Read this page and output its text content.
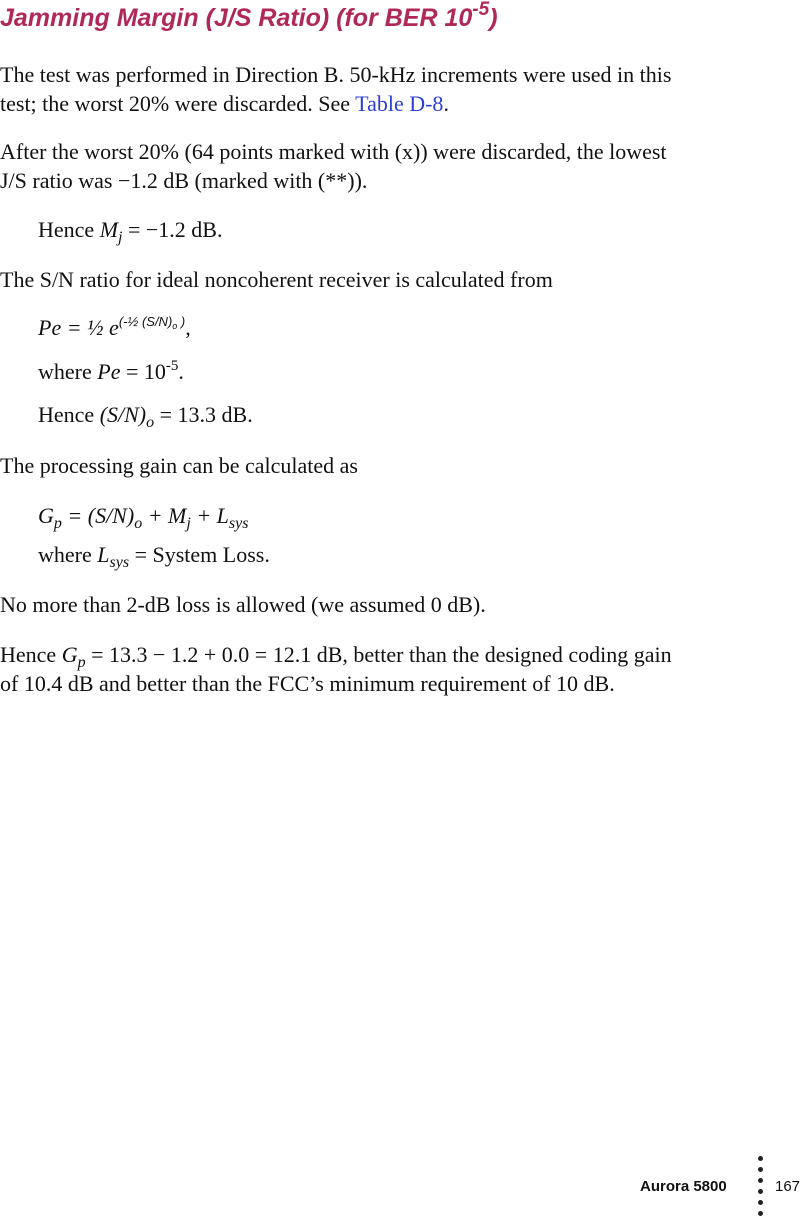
Jamming Margin (J/S Ratio) (for BER $10^{-5}$)
The test was performed in Direction B. 50-kHz increments were used in this
test; the worst 20% were discarded. See Table D-8.
After the worst 20% (64 points marked with (x)) were discarded, the lowest
J/S ratio was −1.2 dB (marked with (**)).
Hence $M_j = -1.2$ dB.
The S/N ratio for ideal noncoherent receiver is calculated from
Pe = ½ $e^{(-\frac{1}{2} (S/N)_o )}$,
where $Pe = 10^{-5}$.
Hence $(S/N)_o = 13.3$ dB.
The processing gain can be calculated as
$G_p = (S/N)_o + M_j + L_{sys}$
where $L_{sys}$ = System Loss.
No more than 2-dB loss is allowed (we assumed 0 dB).
Hence $G_p = 13.3 - 1.2 + 0.0 = 12.1$ dB, better than the designed coding gain
of 10.4 dB and better than the FCC’s minimum requirement of 10 dB.
Aurora 5800	167
